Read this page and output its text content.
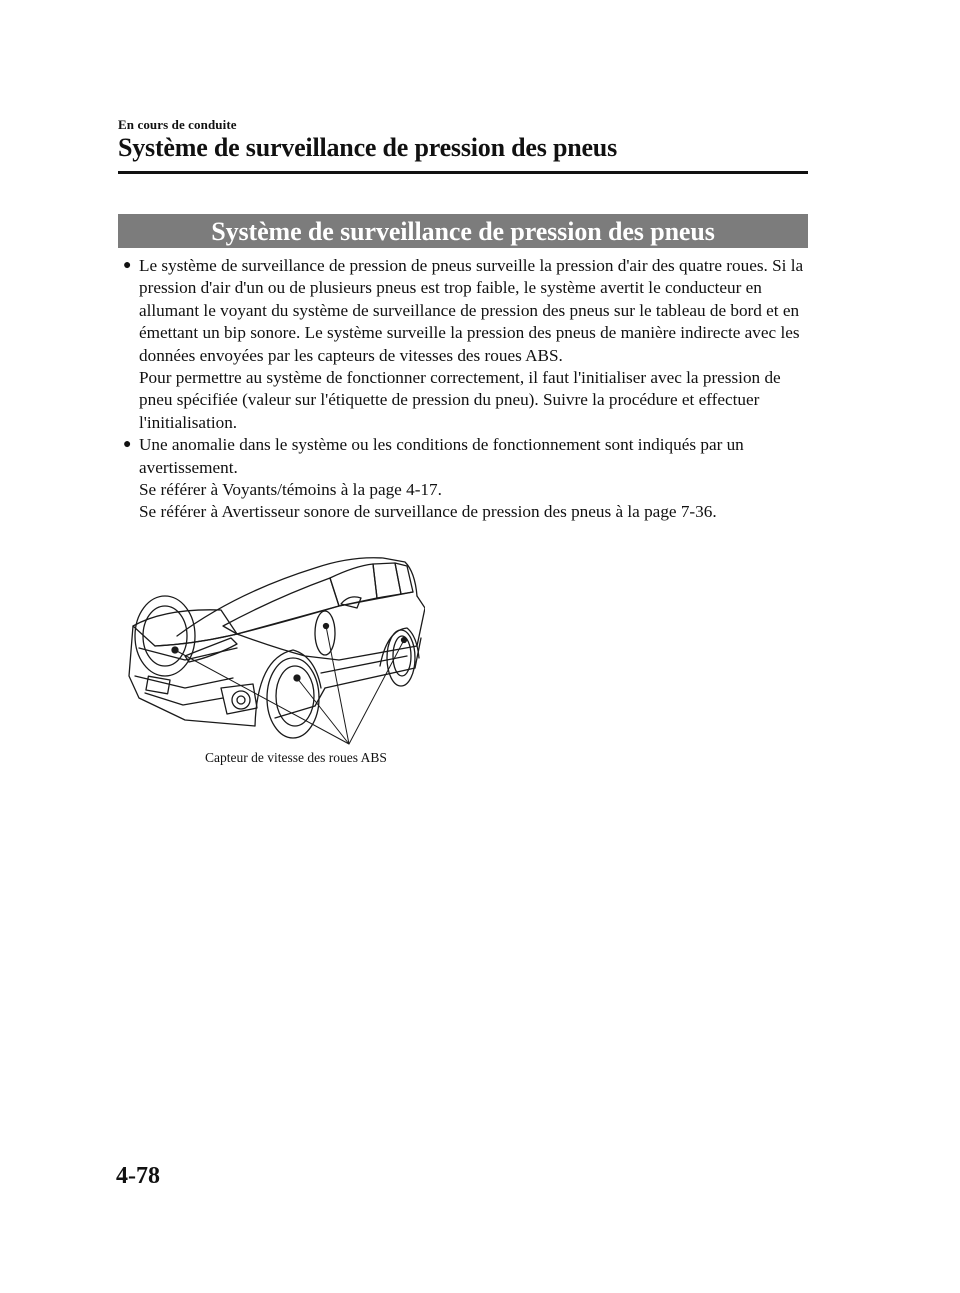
En cours de conduite
Système de surveillance de pression des pneus
Système de surveillance de pression des pneus
● Le système de surveillance de pression de pneus surveille la pression d'air des quatre roues. Si la pression d'air d'un ou de plusieurs pneus est trop faible, le système avertit le conducteur en allumant le voyant du système de surveillance de pression des pneus sur le tableau de bord et en émettant un bip sonore. Le système surveille la pression des pneus de manière indirecte avec les données envoyées par les capteurs de vitesses des roues ABS.
Pour permettre au système de fonctionner correctement, il faut l'initialiser avec la pression de pneu spécifiée (valeur sur l'étiquette de pression du pneu). Suivre la procédure et effectuer l'initialisation.
● Une anomalie dans le système ou les conditions de fonctionnement sont indiqués par un avertissement.
Se référer à Voyants/témoins à la page 4-17.
Se référer à Avertisseur sonore de surveillance de pression des pneus à la page 7-36.
Capteur de vitesse des roues ABS
4-78
